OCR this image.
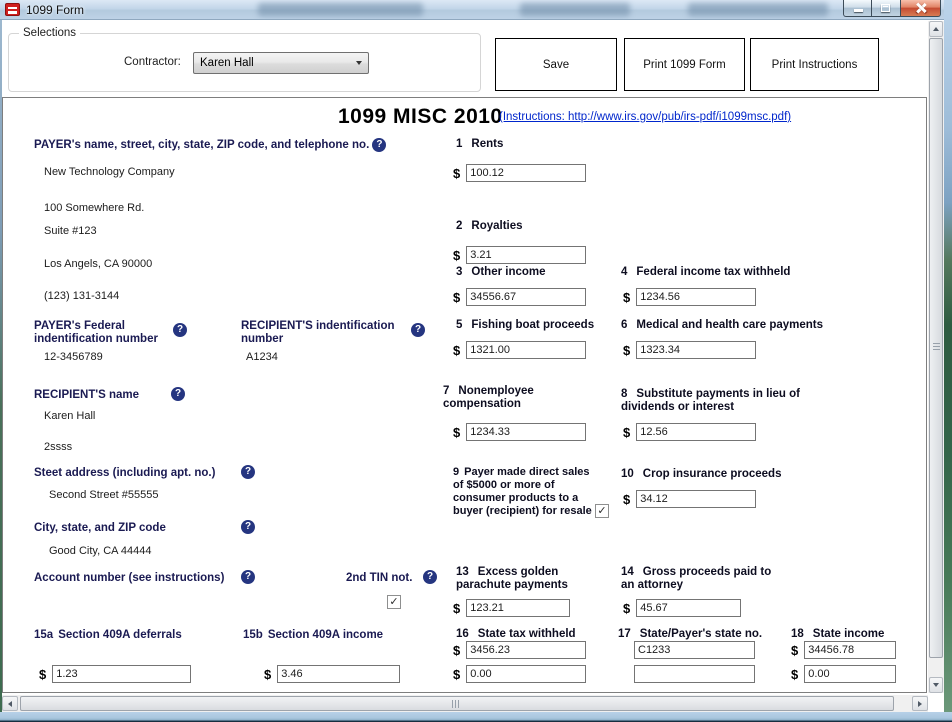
1099 Form
Selections
Contractor: Karen Hall	Save	Print 1099 Form	Print Instructions
1099 MISC 2010
(Instructions: http://www.irs.gov/pub/irs-pdf/i1099msc.pdf)
PAYER's name, street, city, state, ZIP code, and telephone no. ?
New Technology Company
100 Somewhere Rd.
Suite #123
Los Angels, CA 90000
(123) 131-3144
PAYER's Federal indentification number
?
12-3456789
RECIPIENT'S indentification number
?
A1234
RECIPIENT'S name	?
Karen Hall
2ssss
Steet address (including apt. no.)	?
Second Street #55555
City, state, and ZIP code	?
Good City, CA 44444
Account number (see instructions)	?	2nd TIN not.	?
✓
15a Section 409A deferrals
$
1.23
15b Section 409A income
$
3.46
1 Rents
$
100.12
2 Royalties
$
3.21
3 Other income
$
34556.67
4 Federal income tax withheld
$
1234.56
5 Fishing boat proceeds
$
1321.00
6 Medical and health care payments
$
1323.34
7 Nonemployee compensation
$
1234.33
8 Substitute payments in lieu of dividends or interest
$
12.56
9 Payer made direct sales of $5000 or more of consumer products to a buyer (recipient) for resale ✓
10 Crop insurance proceeds
$
34.12
13 Excess golden parachute payments
$
123.21
14 Gross proceeds paid to an attorney
$
45.67
16 State tax withheld
$
3456.23
$
0.00
17 State/Payer's state no.
C1233	18 State income
$
34456.78
$
0.00
